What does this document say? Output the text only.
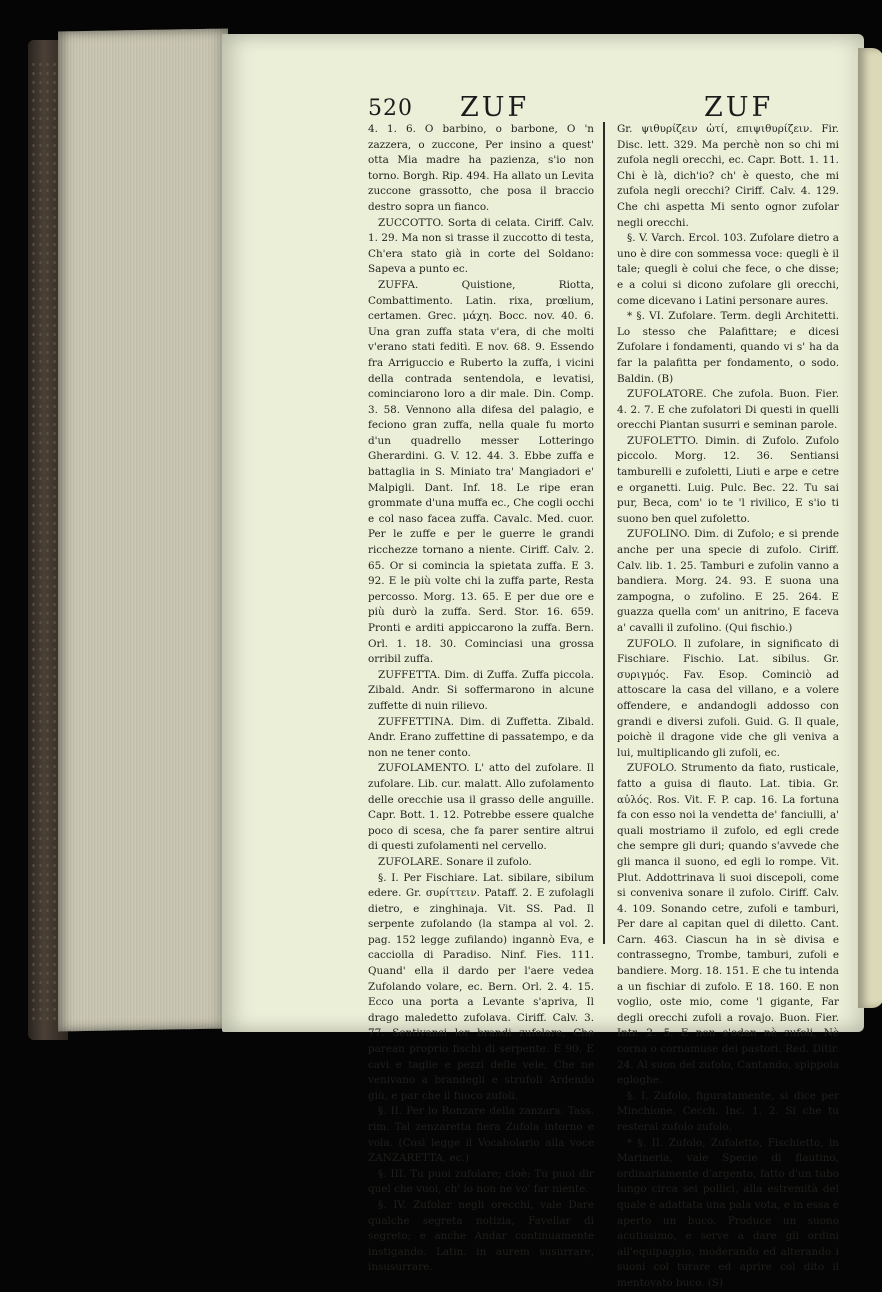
520 ZUF	ZUF

4. 1. 6. O barbino, o barbone, O 'n zazzera, o zuccone, Per insino a quest' otta Mia madre ha pazienza, s'io non torno. Borgh. Rip. 494. Ha allato un Levita zuccone grassotto, che posa il braccio destro sopra un fianco.

ZUCCOTTO. Sorta di celata. Ciriff. Calv. 1. 29. Ma non si trasse il zuccotto di testa, Ch'era stato già in corte del Soldano: Sapeva a punto ec.

ZUFFA. Quistione, Riotta, Combattimento. Latin. rixa, prœlium, certamen. Grec. μάχη. Bocc. nov. 40. 6. Una gran zuffa stata v'era, di che molti v'erano stati feditì. E nov. 68. 9. Essendo fra Arriguccio e Ruberto la zuffa, i vicini della contrada sentendola, e levatisi, cominciarono loro a dir male. Din. Comp. 3. 58. Vennono alla difesa del palagio, e feciono gran zuffa, nella quale fu morto d'un quadrello messer Lotteringo Gherardini. G. V. 12. 44. 3. Ebbe zuffa e battaglia in S. Miniato tra' Mangiadori e' Malpigli. Dant. Inf. 18. Le ripe eran grommate d'una muffa ec., Che cogli occhi e col naso facea zuffa. Cavalc. Med. cuor. Per le zuffe e per le guerre le grandi ricchezze tornano a niente. Ciriff. Calv. 2. 65. Or si comincia la spietata zuffa. E 3. 92. E le più volte chi la zuffa parte, Resta percosso. Morg. 13. 65. E per due ore e più durò la zuffa. Serd. Stor. 16. 659. Pronti e arditi appiccarono la zuffa. Bern. Orl. 1. 18. 30. Cominciasi una grossa orribil zuffa.

ZUFFETTA. Dim. di Zuffa. Zuffa piccola. Zibald. Andr. Si soffermarono in alcune zuffette di nuin rilievo.

ZUFFETTINA. Dim. di Zuffetta. Zibald. Andr. Erano zuffettine di passatempo, e da non ne tener conto.

ZUFOLAMENTO. L' atto del zufolare. Il zufolare. Lib. cur. malatt. Allo zufolamento delle orecchie usa il grasso delle anguille. Capr. Bott. 1. 12. Potrebbe essere qualche poco di scesa, che fa parer sentire altrui di questi zufolamenti nel cervello.

ZUFOLARE. Sonare il zufolo.

§. I. Per Fischiare. Lat. sibilare, sibilum edere. Gr. συρίττειν. Pataff. 2. E zufolagli dietro, e zinghinaja. Vit. SS. Pad. Il serpente zufolando (la stampa al vol. 2. pag. 152 legge zufilando) ingannò Eva, e cacciolla di Paradiso. Ninf. Fies. 111. Quand' ella il dardo per l'aere vedea Zufolando volare, ec. Bern. Orl. 2. 4. 15. Ecco una porta a Levante s'apriva, Il drago maledetto zufolava. Ciriff. Calv. 3. 77. Sentivansi lor brandi zufolare, Che parean proprio fischi di serpente. E 90. E cavi e taglie e pezzi delle vele, Che ne venivano a brandegli e strufoli Ardendo giù, e par che il fuoco zufoli.

§. II. Per lo Ronzare della zanzara. Tass. rim. Tal zenzaretta fiera Zufola intorno e vola. (Così legge il Vocabolario alla voce ZANZARETTA, ec.)

§. III. Tu puoi zufolare; cioè: Tu puoi dir quel che vuoi, ch' io non ne vo' far niente.

§. IV. Zufolar negli orecchi, vale Dare qualche segreta notizia, Favellar di segreto; e anche Andar continuamente instigando. Latin. in aurem susurrare, insusurrare.

Gr. ψιθυρίζειν ὠτί, επιψιθυρίζειν. Fir. Disc. lett. 329. Ma perchè non so chi mi zufola negli orecchi, ec. Capr. Bott. 1. 11. Chi è là, dich'io? ch' è questo, che mi zufola negli orecchi? Ciriff. Calv. 4. 129. Che chi aspetta Mi sento ognor zufolar negli orecchi.

§. V. Varch. Ercol. 103. Zufolare dietro a uno è dire con sommessa voce: quegli è il tale; quegli è colui che fece, o che disse; e a colui si dicono zufolare gli orecchi, come dicevano i Latini personare aures.

* §. VI. Zufolare. Term. degli Architetti. Lo stesso che Palafittare; e dicesi Zufolare i fondamenti, quando vi s' ha da far la palafitta per fondamento, o sodo. Baldin. (B)

ZUFOLATORE. Che zufola. Buon. Fier. 4. 2. 7. E che zufolatori Di questi in quelli orecchi Piantan susurri e seminan parole.

ZUFOLETTO. Dimin. di Zufolo. Zufolo piccolo. Morg. 12. 36. Sentiansi tamburelli e zufoletti, Liuti e arpe e cetre e organetti. Luig. Pulc. Bec. 22. Tu sai pur, Beca, com' io te 'l rivilico, E s'io ti suono ben quel zufoletto.

ZUFOLINO. Dim. di Zufolo; e si prende anche per una specie di zufolo. Ciriff. Calv. lib. 1. 25. Tamburi e zufolin vanno a bandiera. Morg. 24. 93. E suona una zampogna, o zufolino. E 25. 264. E guazza quella com' un anitrino, E faceva a' cavalli il zufolino. (Qui fischio.)

ZUFOLO. Il zufolare, in significato di Fischiare. Fischio. Lat. sibilus. Gr. συριγμός. Fav. Esop. Cominciò ad attoscare la casa del villano, e a volere offendere, e andandogli addosso con grandi e diversi zufoli. Guid. G. Il quale, poichè il dragone vide che gli veniva a lui, multiplicando gli zufoli, ec.

ZUFOLO. Strumento da fiato, rusticale, fatto a guisa di flauto. Lat. tibia. Gr. αὐλός. Ros. Vit. F. P. cap. 16. La fortuna fa con esso noi la vendetta de' fanciulli, a' quali mostriamo il zufolo, ed egli crede che sempre gli duri; quando s'avvede che gli manca il suono, ed egli lo rompe. Vit. Plut. Addottrinava li suoi discepoli, come si conveniva sonare il zufolo. Ciriff. Calv. 4. 109. Sonando cetre, zufoli e tamburi, Per dare al capitan quel di diletto. Cant. Carn. 463. Ciascun ha in sè divisa e contrassegno, Trombe, tamburi, zufoli e bandiere. Morg. 18. 151. E che tu intenda a un fischiar di zufolo. E 18. 160. E non voglio, oste mio, come 'l gigante, Far degli orecchi zufoli a rovajo. Buon. Fier. Intr. 2. 5. E non s'odan nè zufoli, Nè corna o cornamuse dei pastori. Red. Ditir. 24. Al suon del zufolo, Cantando, spippola egloghe.

§. I. Zufolo, figuratamente, si dice per Minchione. Cecch. Inc. 1. 2. Si che tu resterai zufolo zufolo.

* §. II. Zufolo, Zufoletto, Fischietto, in Marineria, vale Specie di flautino, ordinariamente d'argento, fatto d'un tubo lungo circa sei pollici, alla estremità del quale è adattata una pala vota, e in essa è aperto un buco. Produce un suono acutissimo, e serve a dare gli ordini all'equipaggio, moderando ed alterando i suoni col turare ed aprire col dito il mentovato buco. (S)
